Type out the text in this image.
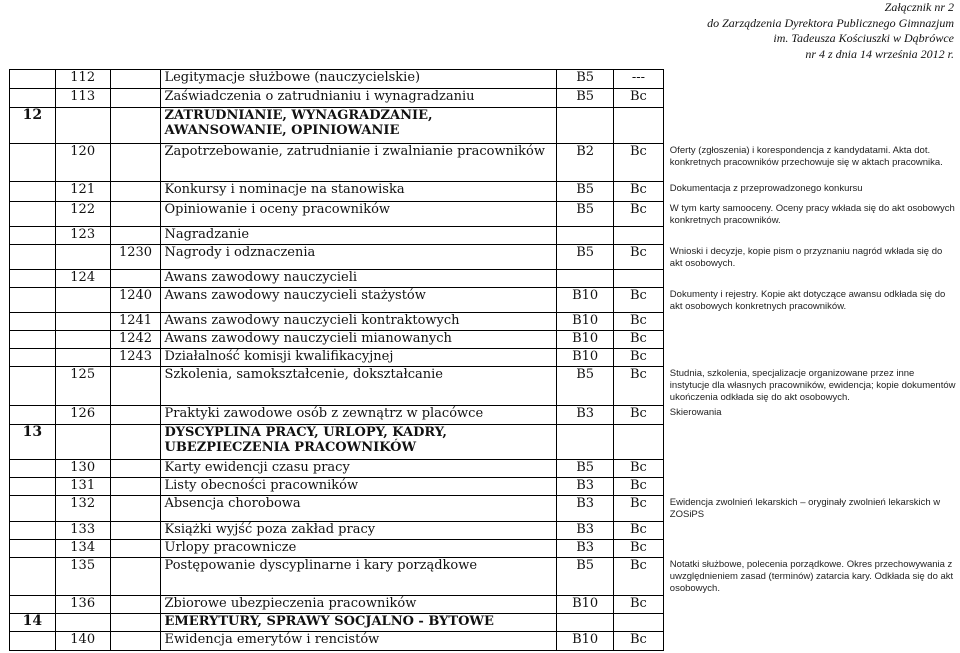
Załącznik nr 2
do Zarządzenia Dyrektora Publicznego Gimnazjum
im. Tadeusza Kościuszki w Dąbrówce
nr 4 z dnia 14 września 2012 r.
	112		Legitymacje służbowe (nauczycielskie)	B5	---	
	113		Zaświadczenia o zatrudnianiu i wynagradzaniu	B5	Bc	
12			ZATRUDNIANIE, WYNAGRADZANIE, AWANSOWANIE, OPINIOWANIE			
	120		Zapotrzebowanie, zatrudnianie i zwalnianie pracowników	B2	Bc	Oferty (zgłoszenia) i korespondencja z kandydatami. Akta dot. konkretnych pracowników przechowuje się w aktach pracownika.
	121		Konkursy i nominacje na stanowiska	B5	Bc	Dokumentacja z przeprowadzonego konkursu
	122		Opiniowanie i oceny pracowników	B5	Bc	W tym karty samooceny. Oceny pracy wkłada się do akt osobowych konkretnych pracowników.
	123		Nagradzanie			
		1230	Nagrody i odznaczenia	B5	Bc	Wnioski i decyzje, kopie pism o przyznaniu nagród wkłada się do akt osobowych.
	124		Awans zawodowy nauczycieli			
		1240	Awans zawodowy nauczycieli stażystów	B10	Bc	Dokumenty i rejestry. Kopie akt dotyczące awansu odkłada się do akt osobowych konkretnych pracowników.
		1241	Awans zawodowy nauczycieli kontraktowych	B10	Bc	
		1242	Awans zawodowy nauczycieli mianowanych	B10	Bc	
		1243	Działalność komisji kwalifikacyjnej	B10	Bc	
	125		Szkolenia, samokształcenie, dokształcanie	B5	Bc	Studnia, szkolenia, specjalizacje organizowane przez inne instytucje dla własnych pracowników, ewidencja; kopie dokumentów ukończenia odkłada się do akt osobowych.
	126		Praktyki zawodowe osób z zewnątrz w placówce	B3	Bc	Skierowania
13			DYSCYPLINA PRACY, URLOPY, KADRY, UBEZPIECZENIA PRACOWNIKÓW			
	130		Karty ewidencji czasu pracy	B5	Bc	
	131		Listy obecności pracowników	B3	Bc	
	132		Absencja chorobowa	B3	Bc	Ewidencja zwolnień lekarskich – oryginały zwolnień lekarskich w ZOSiPS
	133		Książki wyjść poza zakład pracy	B3	Bc	
	134		Urlopy pracownicze	B3	Bc	
	135		Postępowanie dyscyplinarne i kary porządkowe	B5	Bc	Notatki służbowe, polecenia porządkowe. Okres przechowywania z uwzględnieniem zasad (terminów) zatarcia kary. Odkłada się do akt osobowych.
	136		Zbiorowe ubezpieczenia pracowników	B10	Bc	
14			EMERYTURY, SPRAWY SOCJALNO - BYTOWE			
	140		Ewidencja emerytów i rencistów	B10	Bc	
